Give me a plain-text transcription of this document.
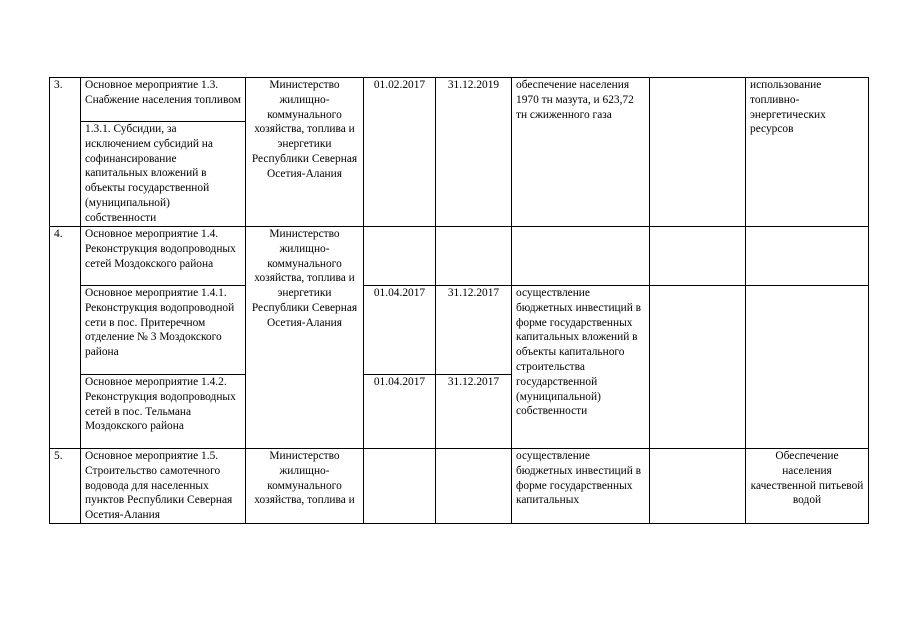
3.	Основное мероприятие 1.3. Снабжение населения топливом	Министерство жилищно-коммунального хозяйства, топлива и энергетики Республики Северная Осетия-Алания	01.02.2017	31.12.2019	обеспечение населения 1970 тн мазута, и 623,72 тн сжиженного газа		использование топливно-энергетических ресурсов
	1.3.1. Субсидии, за исключением субсидий на софинансирование капитальных вложений в объекты государственной (муниципальной) собственности						
4.	Основное мероприятие 1.4. Реконструкция водопроводных сетей Моздокского района	Министерство жилищно-коммунального хозяйства, топлива и энергетики Республики Северная Осетия-Алания					
	Основное мероприятие 1.4.1. Реконструкция водопроводной сети в пос. Притеречном отделение № 3 Моздокского района		01.04.2017	31.12.2017	осуществление бюджетных инвестиций в форме государственных капитальных вложений в объекты капитального строительства государственной (муниципальной) собственности		
	Основное мероприятие 1.4.2. Реконструкция водопроводных сетей в пос. Тельмана Моздокского района		01.04.2017	31.12.2017			
5.	Основное мероприятие 1.5. Строительство самотечного водовода для населенных пунктов Республики Северная Осетия-Алания	Министерство жилищно-коммунального хозяйства, топлива и			осуществление бюджетных инвестиций в форме государственных капитальных		Обеспечение населения качественной питьевой водой
